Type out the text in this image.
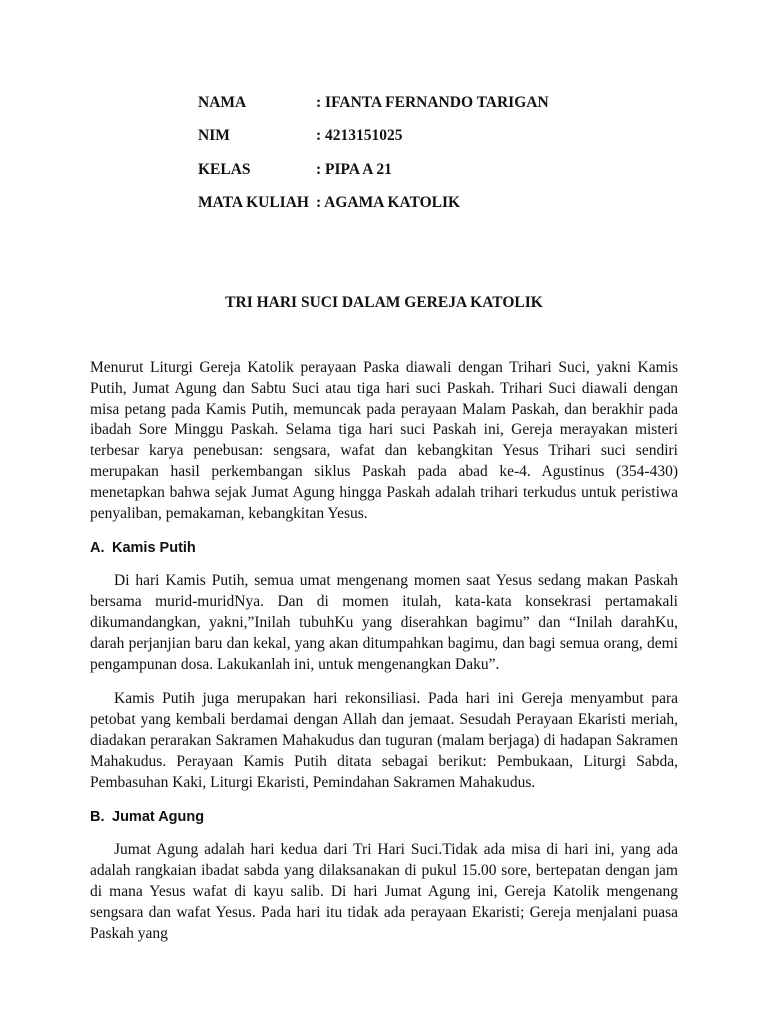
NAMA	: IFANTA FERNANDO TARIGAN
NIM	: 4213151025
KELAS	: PIPA A 21
MATA KULIAH : AGAMA KATOLIK
TRI HARI SUCI DALAM GEREJA KATOLIK

Menurut Liturgi Gereja Katolik perayaan Paska diawali dengan Trihari Suci, yakni Kamis Putih, Jumat Agung dan Sabtu Suci atau tiga hari suci Paskah. Trihari Suci diawali dengan misa petang pada Kamis Putih, memuncak pada perayaan Malam Paskah, dan berakhir pada ibadah Sore Minggu Paskah. Selama tiga hari suci Paskah ini, Gereja merayakan misteri terbesar karya penebusan: sengsara, wafat dan kebangkitan Yesus Trihari suci sendiri merupakan hasil perkembangan siklus Paskah pada abad ke-4. Agustinus (354-430) menetapkan bahwa sejak Jumat Agung hingga Paskah adalah trihari terkudus untuk peristiwa penyaliban, pemakaman, kebangkitan Yesus.

A. Kamis Putih

Di hari Kamis Putih, semua umat mengenang momen saat Yesus sedang makan Paskah bersama murid-muridNya. Dan di momen itulah, kata-kata konsekrasi pertamakali dikumandangkan, yakni,”Inilah tubuhKu yang diserahkan bagimu” dan “Inilah darahKu, darah perjanjian baru dan kekal, yang akan ditumpahkan bagimu, dan bagi semua orang, demi pengampunan dosa. Lakukanlah ini, untuk mengenangkan Daku”.

Kamis Putih juga merupakan hari rekonsiliasi. Pada hari ini Gereja menyambut para petobat yang kembali berdamai dengan Allah dan jemaat. Sesudah Perayaan Ekaristi meriah, diadakan perarakan Sakramen Mahakudus dan tuguran (malam berjaga) di hadapan Sakramen Mahakudus. Perayaan Kamis Putih ditata sebagai berikut: Pembukaan, Liturgi Sabda, Pembasuhan Kaki, Liturgi Ekaristi, Pemindahan Sakramen Mahakudus.

B. Jumat Agung

Jumat Agung adalah hari kedua dari Tri Hari Suci.Tidak ada misa di hari ini, yang ada adalah rangkaian ibadat sabda yang dilaksanakan di pukul 15.00 sore, bertepatan dengan jam di mana Yesus wafat di kayu salib. Di hari Jumat Agung ini, Gereja Katolik mengenang sengsara dan wafat Yesus. Pada hari itu tidak ada perayaan Ekaristi; Gereja menjalani puasa Paskah yang
